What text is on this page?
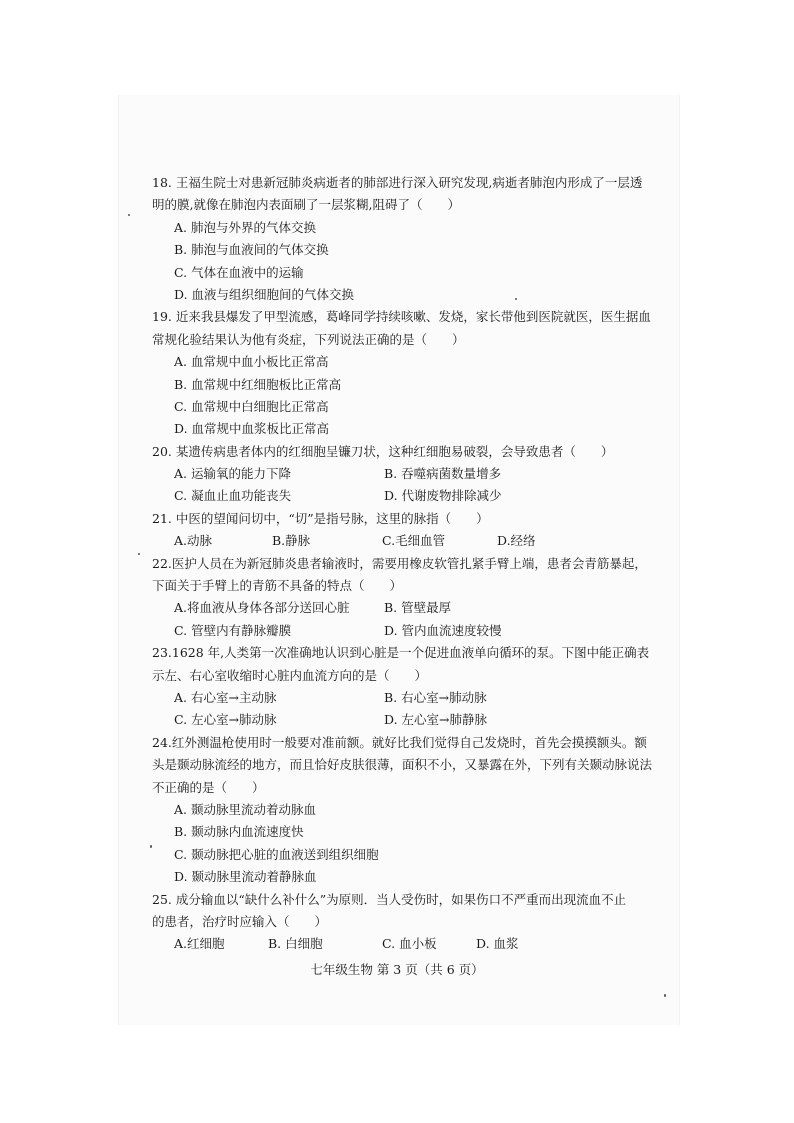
18. 王福生院士对患新冠肺炎病逝者的肺部进行深入研究发现,病逝者肺泡内形成了一层透
明的膜,就像在肺泡内表面刷了一层浆糊,阻碍了（　　）
A. 肺泡与外界的气体交换
B. 肺泡与血液间的气体交换
C. 气体在血液中的运输
D. 血液与组织细胞间的气体交换
19. 近来我县爆发了甲型流感，葛峰同学持续咳嗽、发烧，家长带他到医院就医，医生据血
常规化验结果认为他有炎症，下列说法正确的是（　　）
A. 血常规中血小板比正常高
B. 血常规中红细胞板比正常高
C. 血常规中白细胞比正常高
D. 血常规中血浆板比正常高
20. 某遗传病患者体内的红细胞呈镰刀状，这种红细胞易破裂，会导致患者（　　）
A. 运输氧的能力下降	B. 吞噬病菌数量增多
C. 凝血止血功能丧失	D. 代谢废物排除减少
21. 中医的望闻问切中，“切”是指号脉，这里的脉指（　　）
A.动脉	B.静脉	C.毛细血管	D.经络
22.医护人员在为新冠肺炎患者输液时，需要用橡皮软管扎紧手臂上端，患者会青筋暴起，
下面关于手臂上的青筋不具备的特点（　　）
A.将血液从身体各部分送回心脏	B. 管壁最厚
C. 管壁内有静脉瓣膜	D. 管内血流速度较慢
23.1628 年,人类第一次准确地认识到心脏是一个促进血液单向循环的泵。下图中能正确表
示左、右心室收缩时心脏内血流方向的是（　　）
A. 右心室→主动脉	B. 右心室→肺动脉
C. 左心室→肺动脉	D. 左心室→肺静脉
24.红外测温枪使用时一般要对准前额。就好比我们觉得自己发烧时，首先会摸摸额头。额
头是颞动脉流经的地方，而且恰好皮肤很薄，面积不小，又暴露在外，下列有关颞动脉说法
不正确的是（　　）
A. 颞动脉里流动着动脉血
B. 颞动脉内血流速度快
C. 颞动脉把心脏的血液送到组织细胞
D. 颞动脉里流动着静脉血
25. 成分输血以“缺什么补什么”为原则．当人受伤时，如果伤口不严重而出现流血不止
的患者，治疗时应输入（　　）
A.红细胞	B. 白细胞	C. 血小板	D. 血浆
七年级生物 第 3 页（共 6 页）
